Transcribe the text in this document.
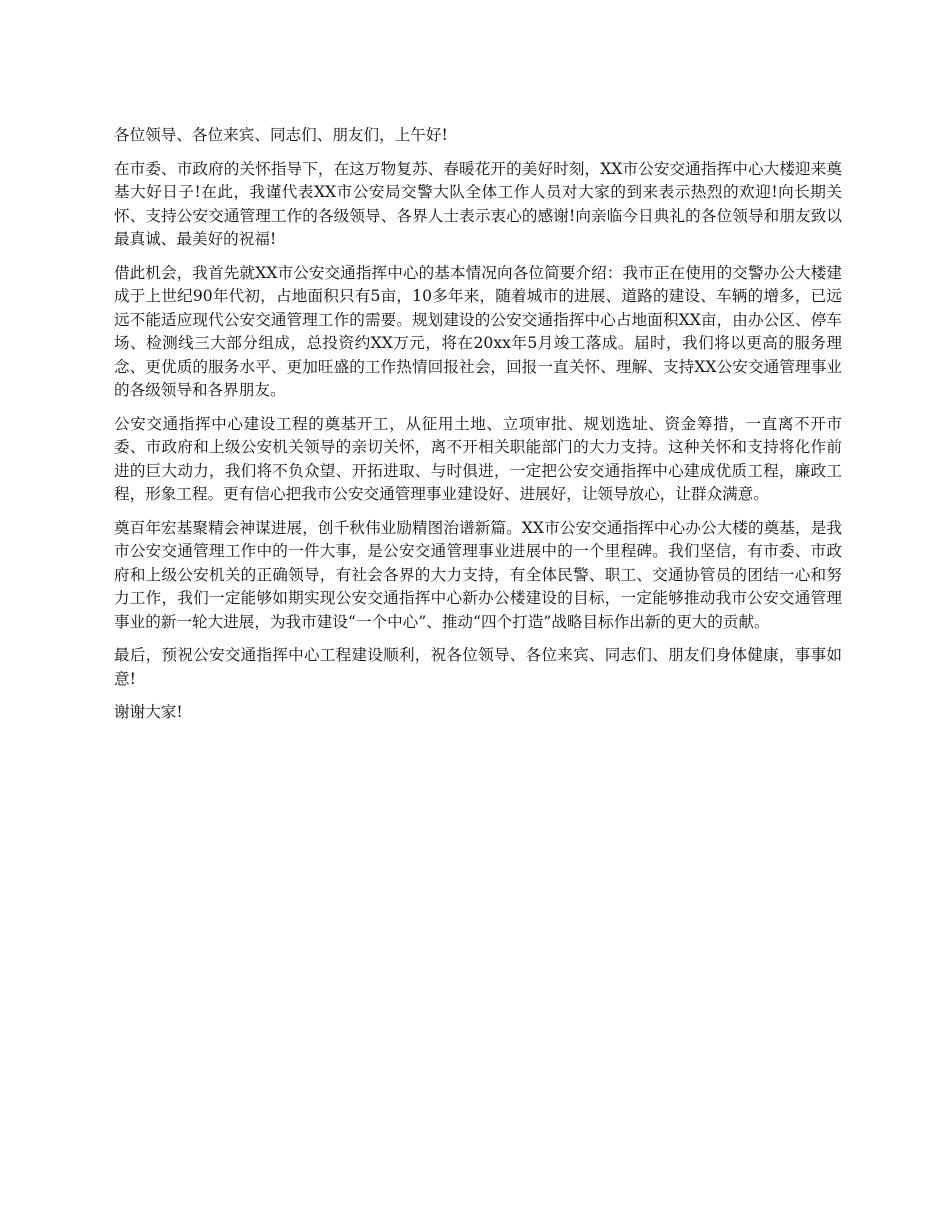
各位领导、各位来宾、同志们、朋友们，上午好!

在市委、市政府的关怀指导下，在这万物复苏、春暖花开的美好时刻，XX市公安交通指挥中心大楼迎来奠基大好日子!在此，我谨代表XX市公安局交警大队全体工作人员对大家的到来表示热烈的欢迎!向长期关怀、支持公安交通管理工作的各级领导、各界人士表示衷心的感谢!向亲临今日典礼的各位领导和朋友致以最真诚、最美好的祝福!

借此机会，我首先就XX市公安交通指挥中心的基本情况向各位简要介绍：我市正在使用的交警办公大楼建成于上世纪90年代初，占地面积只有5亩，10多年来，随着城市的进展、道路的建设、车辆的增多，已远远不能适应现代公安交通管理工作的需要。规划建设的公安交通指挥中心占地面积XX亩，由办公区、停车场、检测线三大部分组成，总投资约XX万元，将在20xx年5月竣工落成。届时，我们将以更高的服务理念、更优质的服务水平、更加旺盛的工作热情回报社会，回报一直关怀、理解、支持XX公安交通管理事业的各级领导和各界朋友。

公安交通指挥中心建设工程的奠基开工，从征用土地、立项审批、规划选址、资金筹措，一直离不开市委、市政府和上级公安机关领导的亲切关怀，离不开相关职能部门的大力支持。这种关怀和支持将化作前进的巨大动力，我们将不负众望、开拓进取、与时俱进，一定把公安交通指挥中心建成优质工程，廉政工程，形象工程。更有信心把我市公安交通管理事业建设好、进展好，让领导放心，让群众满意。

奠百年宏基聚精会神谋进展，创千秋伟业励精图治谱新篇。XX市公安交通指挥中心办公大楼的奠基，是我市公安交通管理工作中的一件大事，是公安交通管理事业进展中的一个里程碑。我们坚信，有市委、市政府和上级公安机关的正确领导，有社会各界的大力支持，有全体民警、职工、交通协管员的团结一心和努力工作，我们一定能够如期实现公安交通指挥中心新办公楼建设的目标，一定能够推动我市公安交通管理事业的新一轮大进展，为我市建设“一个中心”、推动“四个打造”战略目标作出新的更大的贡献。

最后，预祝公安交通指挥中心工程建设顺利，祝各位领导、各位来宾、同志们、朋友们身体健康，事事如意!

谢谢大家!
